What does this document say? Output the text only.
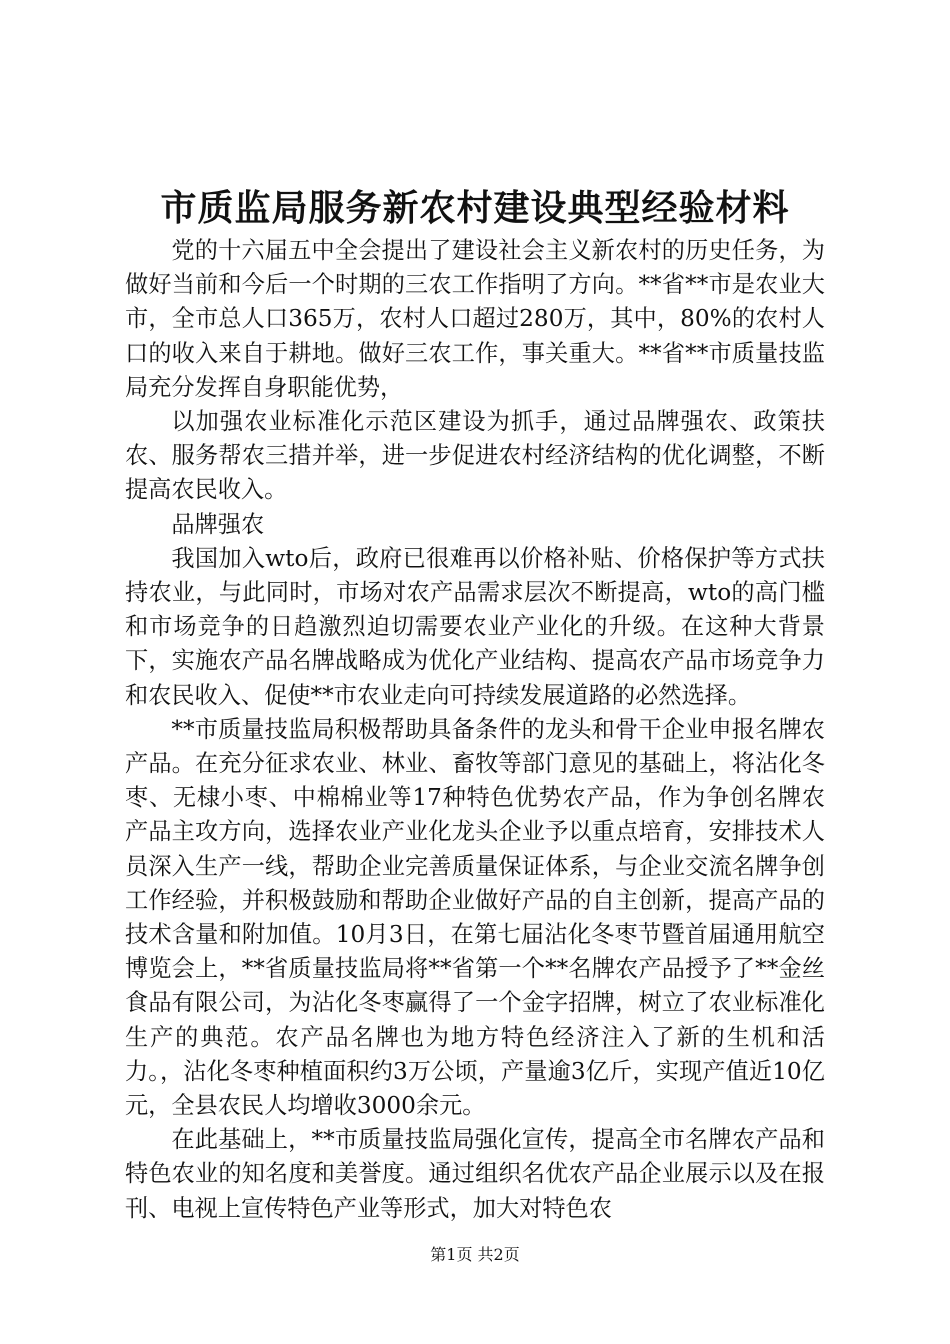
市质监局服务新农村建设典型经验材料

党的十六届五中全会提出了建设社会主义新农村的历史任务，为做好当前和今后一个时期的三农工作指明了方向。**省**市是农业大市，全市总人口365万，农村人口超过280万，其中，80%的农村人口的收入来自于耕地。做好三农工作，事关重大。**省**市质量技监局充分发挥自身职能优势，

以加强农业标准化示范区建设为抓手，通过品牌强农、政策扶农、服务帮农三措并举，进一步促进农村经济结构的优化调整，不断提高农民收入。

品牌强农

我国加入wto后，政府已很难再以价格补贴、价格保护等方式扶持农业，与此同时，市场对农产品需求层次不断提高，wto的高门槛和市场竞争的日趋激烈迫切需要农业产业化的升级。在这种大背景下，实施农产品名牌战略成为优化产业结构、提高农产品市场竞争力和农民收入、促使**市农业走向可持续发展道路的必然选择。

**市质量技监局积极帮助具备条件的龙头和骨干企业申报名牌农产品。在充分征求农业、林业、畜牧等部门意见的基础上，将沾化冬枣、无棣小枣、中棉棉业等17种特色优势农产品，作为争创名牌农产品主攻方向，选择农业产业化龙头企业予以重点培育，安排技术人员深入生产一线，帮助企业完善质量保证体系，与企业交流名牌争创工作经验，并积极鼓励和帮助企业做好产品的自主创新，提高产品的技术含量和附加值。10月3日，在第七届沾化冬枣节暨首届通用航空博览会上，**省质量技监局将**省第一个**名牌农产品授予了**金丝食品有限公司，为沾化冬枣赢得了一个金字招牌，树立了农业标准化生产的典范。农产品名牌也为地方特色经济注入了新的生机和活力。，沾化冬枣种植面积约3万公顷，产量逾3亿斤，实现产值近10亿元，全县农民人均增收3000余元。

在此基础上，**市质量技监局强化宣传，提高全市名牌农产品和特色农业的知名度和美誉度。通过组织名优农产品企业展示以及在报刊、电视上宣传特色产业等形式，加大对特色农

第1页 共2页
